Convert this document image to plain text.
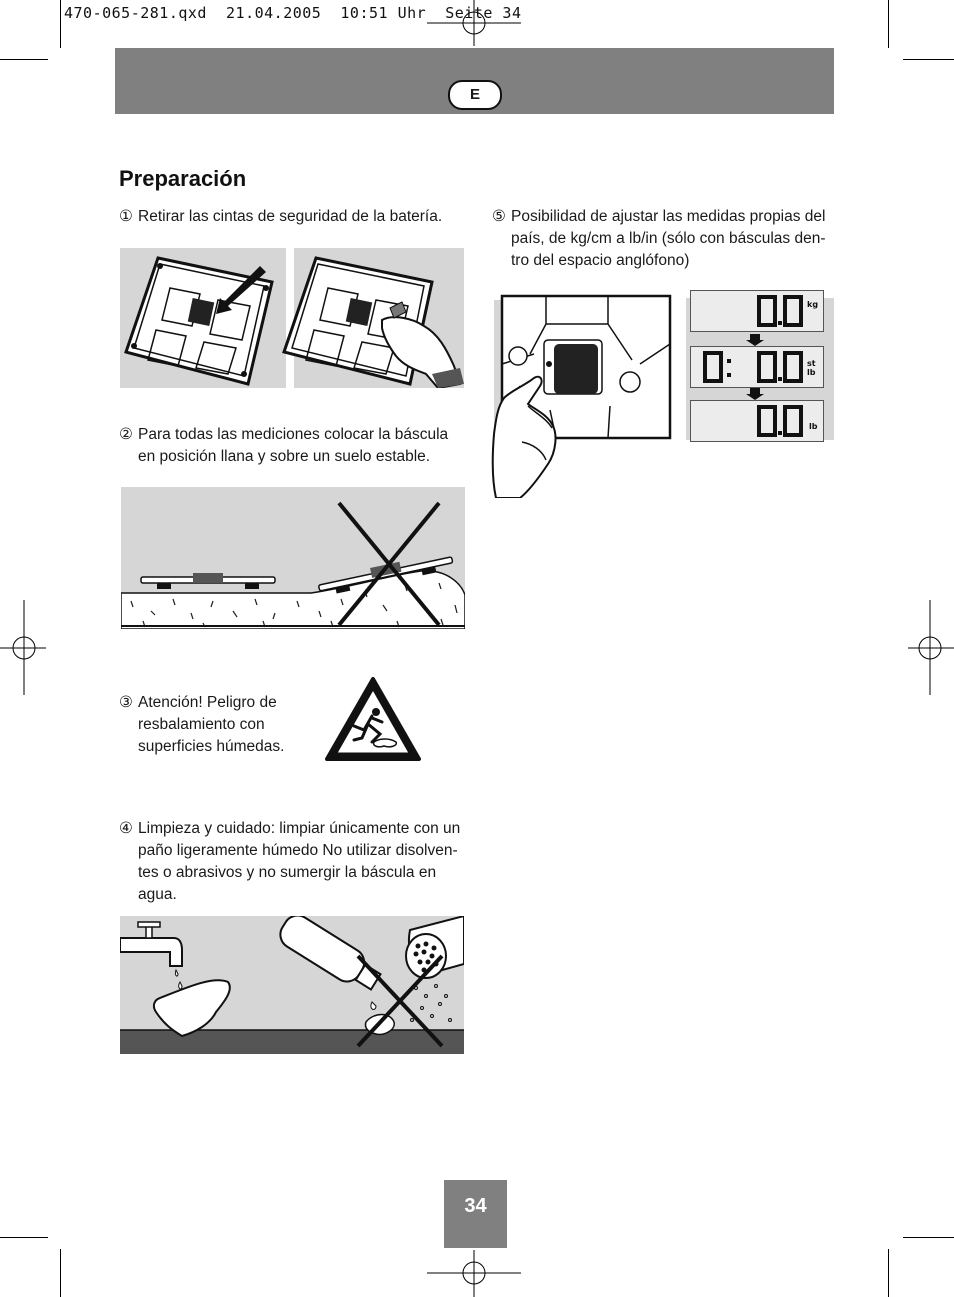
470-065-281.qxd  21.04.2005  10:51 Uhr  Seite 34
E
Preparación
① Retirar las cintas de seguridad de la batería.
② Para todas las mediciones colocar la báscula en posición llana y sobre un suelo estable.
③ Atención! Peligro de resbalamiento con superficies húmedas.
④ Limpieza y cuidado: limpiar únicamente con un paño ligeramente húmedo No utilizar disolventes o abrasivos y no sumergir la báscula en agua.
⑤ Posibilidad de ajustar las medidas propias del país, de kg/cm a lb/in (sólo con básculas dentro del espacio anglófono)
kg
st lb
lb
34
